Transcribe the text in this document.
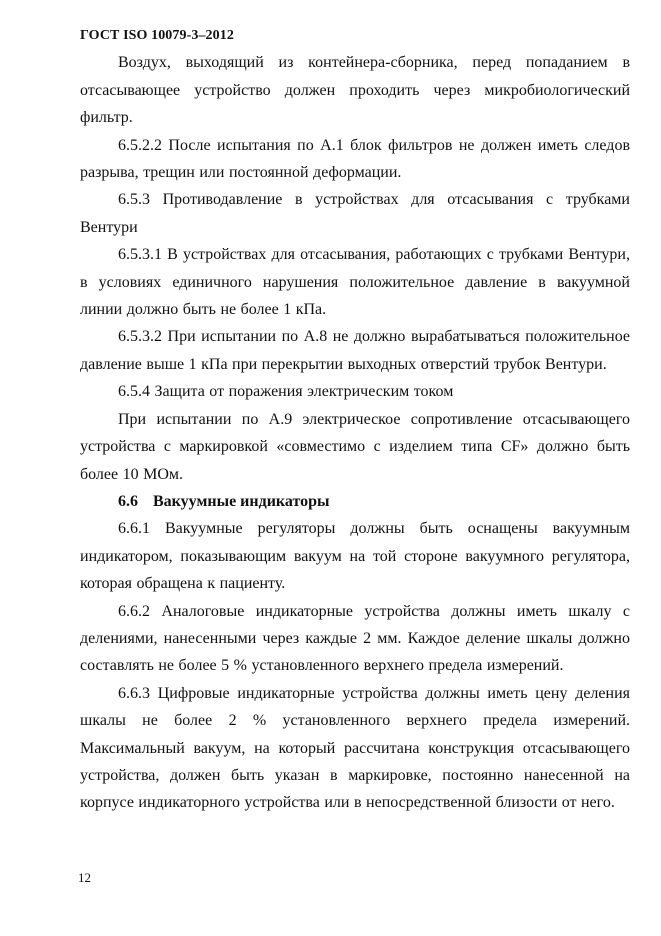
ГОСТ ISO 10079-3–2012

Воздух, выходящий из контейнера-сборника, перед попаданием в отсасывающее устройство должен проходить через микробиологический фильтр.

6.5.2.2 После испытания по А.1 блок фильтров не должен иметь следов разрыва, трещин или постоянной деформации.

6.5.3 Противодавление в устройствах для отсасывания с трубками Вентури

6.5.3.1 В устройствах для отсасывания, работающих с трубками Вентури, в условиях единичного нарушения положительное давление в вакуумной линии должно быть не более 1 кПа.

6.5.3.2 При испытании по А.8 не должно вырабатываться положительное давление выше 1 кПа при перекрытии выходных отверстий трубок Вентури.

6.5.4 Защита от поражения электрическим током

При испытании по А.9 электрическое сопротивление отсасывающего устройства с маркировкой «совместимо с изделием типа CF» должно быть более 10 МОм.

6.6 Вакуумные индикаторы

6.6.1 Вакуумные регуляторы должны быть оснащены вакуумным индикатором, показывающим вакуум на той стороне вакуумного регулятора, которая обращена к пациенту.

6.6.2 Аналоговые индикаторные устройства должны иметь шкалу с делениями, нанесенными через каждые 2 мм. Каждое деление шкалы должно составлять не более 5 % установленного верхнего предела измерений.

6.6.3 Цифровые индикаторные устройства должны иметь цену деления шкалы не более 2 % установленного верхнего предела измерений. Максимальный вакуум, на который рассчитана конструкция отсасывающего устройства, должен быть указан в маркировке, постоянно нанесенной на корпусе индикаторного устройства или в непосредственной близости от него.

12
